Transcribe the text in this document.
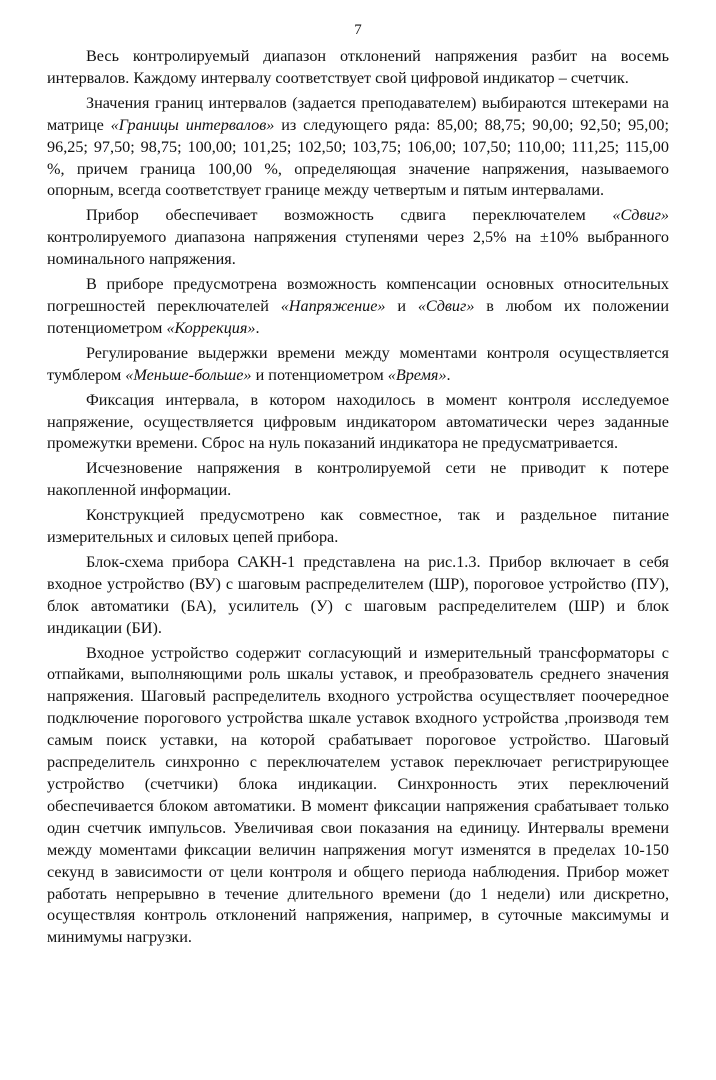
7

Весь контролируемый диапазон отклонений напряжения разбит на восемь интервалов. Каждому интервалу соответствует свой цифровой индикатор – счетчик.

Значения границ интервалов (задается преподавателем) выбираются штекерами на матрице «Границы интервалов» из следующего ряда: 85,00; 88,75; 90,00; 92,50; 95,00; 96,25; 97,50; 98,75; 100,00; 101,25; 102,50; 103,75; 106,00; 107,50; 110,00; 111,25; 115,00 %, причем граница 100,00 %, определяющая значение напряжения, называемого опорным, всегда соответствует границе между четвертым и пятым интервалами.

Прибор обеспечивает возможность сдвига переключателем «Сдвиг» контролируемого диапазона напряжения ступенями через 2,5% на ±10% выбранного номинального напряжения.

В приборе предусмотрена возможность компенсации основных относительных погрешностей переключателей «Напряжение» и «Сдвиг» в любом их положении потенциометром «Коррекция».

Регулирование выдержки времени между моментами контроля осуществляется тумблером «Меньше-больше» и потенциометром «Время».

Фиксация интервала, в котором находилось в момент контроля исследуемое напряжение, осуществляется цифровым индикатором автоматически через заданные промежутки времени. Сброс на нуль показаний индикатора не предусматривается.

Исчезновение напряжения в контролируемой сети не приводит к потере накопленной информации.

Конструкцией предусмотрено как совместное, так и раздельное питание измерительных и силовых цепей прибора.

Блок-схема прибора САКН-1 представлена на рис.1.3. Прибор включает в себя входное устройство (ВУ) с шаговым распределителем (ШР), пороговое устройство (ПУ), блок автоматики (БА), усилитель (У) с шаговым распределителем (ШР) и блок индикации (БИ).

Входное устройство содержит согласующий и измерительный трансформаторы с отпайками, выполняющими роль шкалы уставок, и преобразователь среднего значения напряжения. Шаговый распределитель входного устройства осуществляет поочередное подключение порогового устройства шкале уставок входного устройства ,производя тем самым поиск уставки, на которой срабатывает пороговое устройство. Шаговый распределитель синхронно с переключателем уставок переключает регистрирующее устройство (счетчики) блока индикации. Синхронность этих переключений обеспечивается блоком автоматики. В момент фиксации напряжения срабатывает только один счетчик импульсов. Увеличивая свои показания на единицу. Интервалы времени между моментами фиксации величин напряжения могут изменятся в пределах 10-150 секунд в зависимости от цели контроля и общего периода наблюдения. Прибор может работать непрерывно в течение длительного времени (до 1 недели) или дискретно, осуществляя контроль отклонений напряжения, например, в суточные максимумы и минимумы нагрузки.
